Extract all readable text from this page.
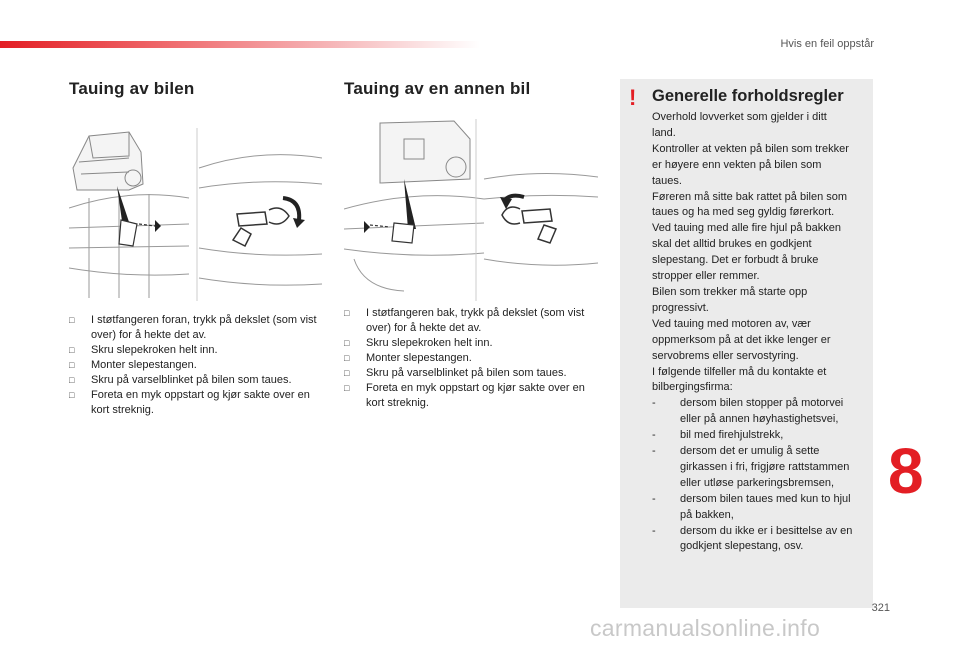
Hvis en feil oppstår
Tauing av bilen
□ I støtfangeren foran, trykk på dekslet (som vist over) for å hekte det av.
□ Skru slepekroken helt inn.
□ Monter slepestangen.
□ Skru på varselblinket på bilen som taues.
□ Foreta en myk oppstart og kjør sakte over en kort streknig.
Tauing av en annen bil
□ I støtfangeren bak, trykk på dekslet (som vist over) for å hekte det av.
□ Skru slepekroken helt inn.
□ Monter slepestangen.
□ Skru på varselblinket på bilen som taues.
□ Foreta en myk oppstart og kjør sakte over en kort streknig.
! Generelle forholdsregler
Overhold lovverket som gjelder i ditt
land.
Kontroller at vekten på bilen som trekker
er høyere enn vekten på bilen som
taues.
Føreren må sitte bak rattet på bilen som
taues og ha med seg gyldig førerkort.
Ved tauing med alle fire hjul på bakken
skal det alltid brukes en godkjent
slepestang. Det er forbudt å bruke
stropper eller remmer.
Bilen som trekker må starte opp
progressivt.
Ved tauing med motoren av, vær
oppmerksom på at det ikke lenger er
servobrems eller servostyring.
I følgende tilfeller må du kontakte et
bilbergingsfirma:
- dersom bilen stopper på motorvei
eller på annen høyhastighetsvei,
- bil med firehjulstrekk,
- dersom det er umulig å sette
girkassen i fri, frigjøre rattstammen
eller utløse parkeringsbremsen,
- dersom bilen taues med kun to hjul
på bakken,
- dersom du ikke er i besittelse av en
godkjent slepestang, osv.
8
321
carmanualsonline.info
